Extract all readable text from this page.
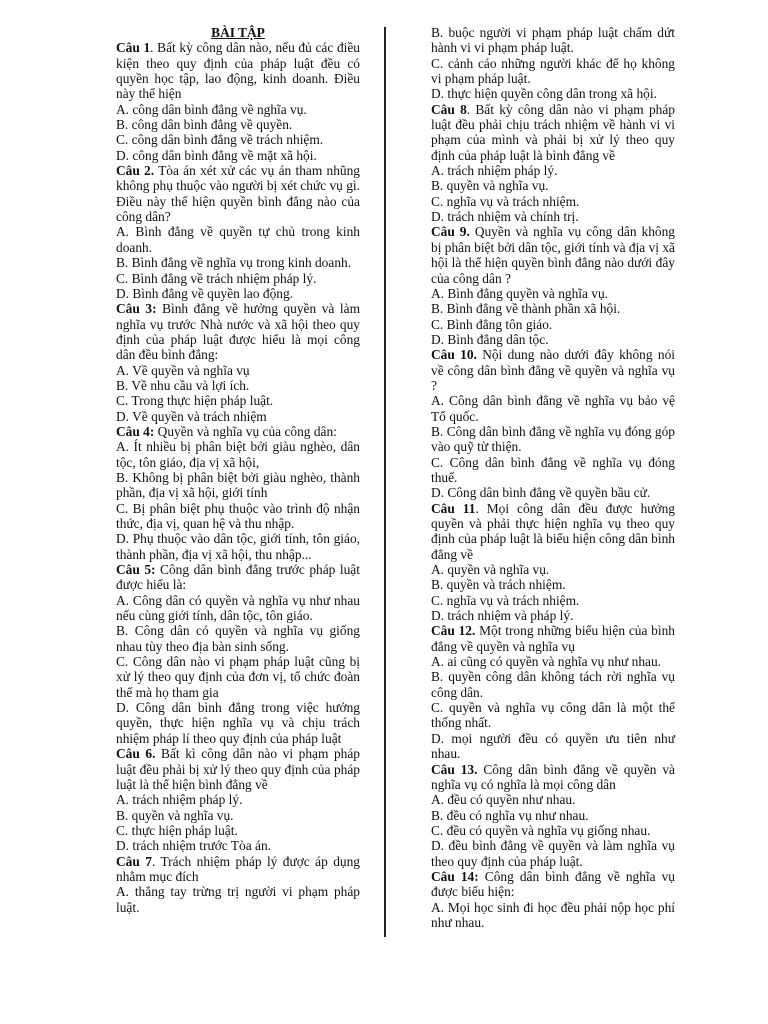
BÀI TẬP
Câu 1. Bất kỳ công dân nào, nếu đủ các điều kiện theo quy định của pháp luật đều có quyền học tập, lao động, kinh doanh. Điều này thể hiện
A. công dân bình đẳng về nghĩa vụ.
B. công dân bình đẳng về quyền.
C. công dân bình đẳng về trách nhiệm.
D. công dân bình đẳng về mặt xã hội.
Câu 2. Tòa án xét xử các vụ án tham nhũng không phụ thuộc vào người bị xét chức vụ gì. Điều này thể hiện quyền bình đẳng nào của công dân?
A. Bình đẳng về quyền tự chủ trong kinh doanh.
B. Bình đẳng về nghĩa vụ trong kinh doanh.
C. Bình đẳng về trách nhiệm pháp lý.
D. Bình đẳng về quyền lao động.
Câu 3: Bình đẳng về hưởng quyền và làm nghĩa vụ trước Nhà nước và xã hội theo quy định của pháp luật được hiểu là mọi công dân đều bình đẳng:
A. Về quyền và nghĩa vụ
B. Về nhu cầu và lợi ích.
C. Trong thực hiện pháp luật.
D. Về quyền và trách nhiệm
Câu 4: Quyền và nghĩa vụ của công dân:
A. Ít nhiều bị phân biệt bởi giàu nghèo, dân tộc, tôn giáo, địa vị xã hội,
B. Không bị phân biệt bởi giàu nghèo, thành phần, địa vị xã hội, giới tính
C. Bị phân biệt phụ thuộc vào trình độ nhận thức, địa vị, quan hệ và thu nhập.
D. Phụ thuộc vào dân tộc, giới tính, tôn giáo, thành phần, địa vị xã hội, thu nhập...
Câu 5: Công dân bình đẳng trước pháp luật được hiểu là:
A. Công dân có quyền và nghĩa vụ như nhau nếu cùng giới tính, dân tộc, tôn giáo.
B. Công dân có quyền và nghĩa vụ giống nhau tùy theo địa bàn sinh sống.
C. Công dân nào vi phạm pháp luật cũng bị xử lý theo quy định của đơn vị, tổ chức đoàn thể mà họ tham gia
D. Công dân bình đẳng trong việc hưởng quyền, thực hiện nghĩa vụ và chịu trách nhiệm pháp lí theo quy định của pháp luật
Câu 6. Bất kì công dân nào vi phạm pháp luật đều phải bị xử lý theo quy định của pháp luật là thể hiện bình đẳng về
A. trách nhiệm pháp lý.
B. quyền và nghĩa vụ.
C. thực hiện pháp luật.
D. trách nhiệm trước Tòa án.
Câu 7. Trách nhiệm pháp lý được áp dụng nhằm mục đích
A. thẳng tay trừng trị người vi phạm pháp luật.
B. buộc người vi phạm pháp luật chấm dứt hành vi vi phạm pháp luật.
C. cảnh cáo những người khác để họ không vi phạm pháp luật.
D. thực hiện quyền công dân trong xã hội.
Câu 8. Bất kỳ công dân nào vi phạm pháp luật đều phải chịu trách nhiệm về hành vi vi phạm của mình và phải bị xử lý theo quy định của pháp luật là bình đẳng về
A. trách nhiệm pháp lý.
B. quyền và nghĩa vụ.
C. nghĩa vụ và trách nhiệm.
D. trách nhiệm và chính trị.
Câu 9. Quyền và nghĩa vụ công dân không bị phân biệt bởi dân tộc, giới tính và địa vị xã hội là thể hiện quyền bình đẳng nào dưới đây của công dân ?
A. Bình đẳng quyền và nghĩa vụ.
B. Bình đẳng về thành phần xã hội.
C. Bình đẳng tôn giáo.
D. Bình đẳng dân tộc.
Câu 10. Nội dung nào dưới đây không nói về công dân bình đẳng về quyền và nghĩa vụ ?
A. Công dân bình đẳng về nghĩa vụ bảo vệ Tổ quốc.
B. Công dân bình đẳng về nghĩa vụ đóng góp vào quỹ từ thiện.
C. Công dân bình đẳng về nghĩa vụ đóng thuế.
D. Công dân bình đẳng về quyền bầu cử.
Câu 11. Mọi công dân đều được hưởng quyền và phải thực hiện nghĩa vụ theo quy định của pháp luật là biểu hiện công dân bình đẳng về
A. quyền và nghĩa vụ.
B. quyền và trách nhiệm.
C. nghĩa vụ và trách nhiệm.
D. trách nhiệm và pháp lý.
Câu 12. Một trong những biểu hiện của bình đẳng về quyền và nghĩa vụ
A. ai cũng có quyền và nghĩa vụ như nhau.
B. quyền công dân không tách rời nghĩa vụ công dân.
C. quyền và nghĩa vụ công dân là một thể thống nhất.
D. mọi người đều có quyền ưu tiên như nhau.
Câu 13. Công dân bình đẳng về quyền và nghĩa vụ có nghĩa là mọi công dân
A. đều có quyền như nhau.
B. đều có nghĩa vụ như nhau.
C. đều có quyền và nghĩa vụ giống nhau.
D. đều bình đẳng về quyền và làm nghĩa vụ theo quy định của pháp luật.
Câu 14: Công dân bình đẳng về nghĩa vụ được biểu hiện:
A. Mọi học sinh đi học đều phải nộp học phí như nhau.
